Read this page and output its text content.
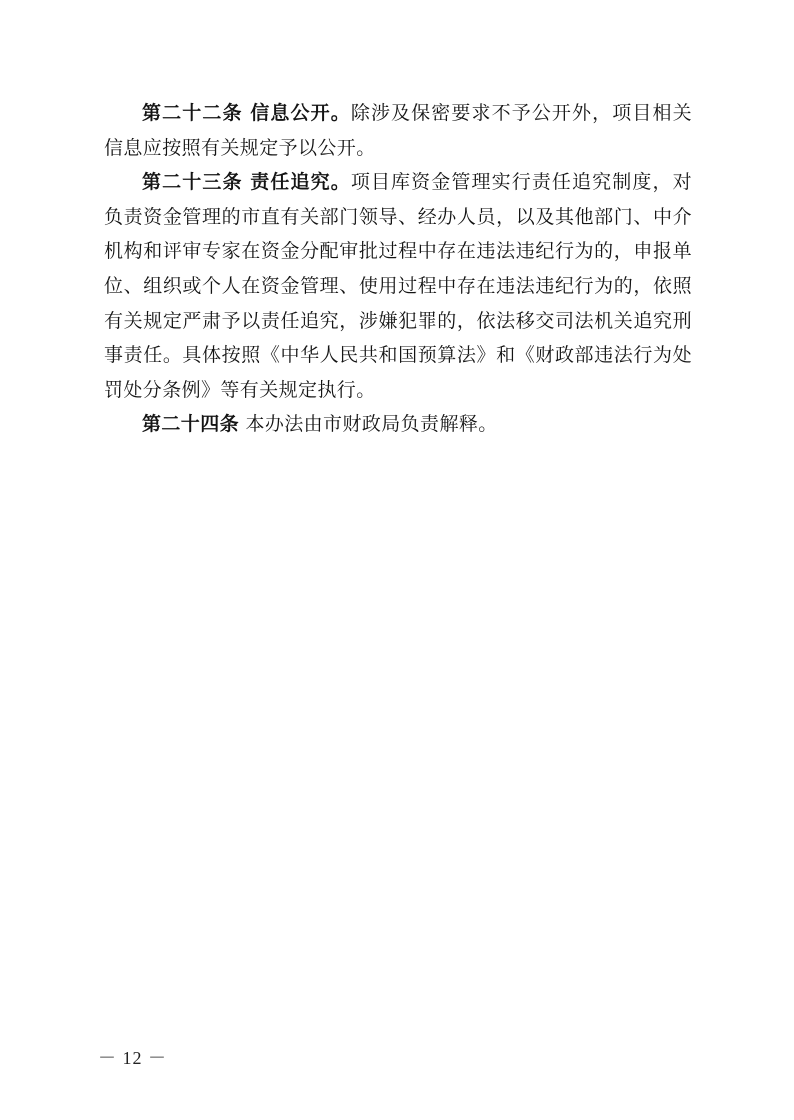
第二十二条 信息公开。除涉及保密要求不予公开外，项目相关信息应按照有关规定予以公开。

第二十三条 责任追究。项目库资金管理实行责任追究制度，对负责资金管理的市直有关部门领导、经办人员，以及其他部门、中介机构和评审专家在资金分配审批过程中存在违法违纪行为的，申报单位、组织或个人在资金管理、使用过程中存在违法违纪行为的，依照有关规定严肃予以责任追究，涉嫌犯罪的，依法移交司法机关追究刑事责任。具体按照《中华人民共和国预算法》和《财政部违法行为处罚处分条例》等有关规定执行。

第二十四条 本办法由市财政局负责解释。

－ 12 －
